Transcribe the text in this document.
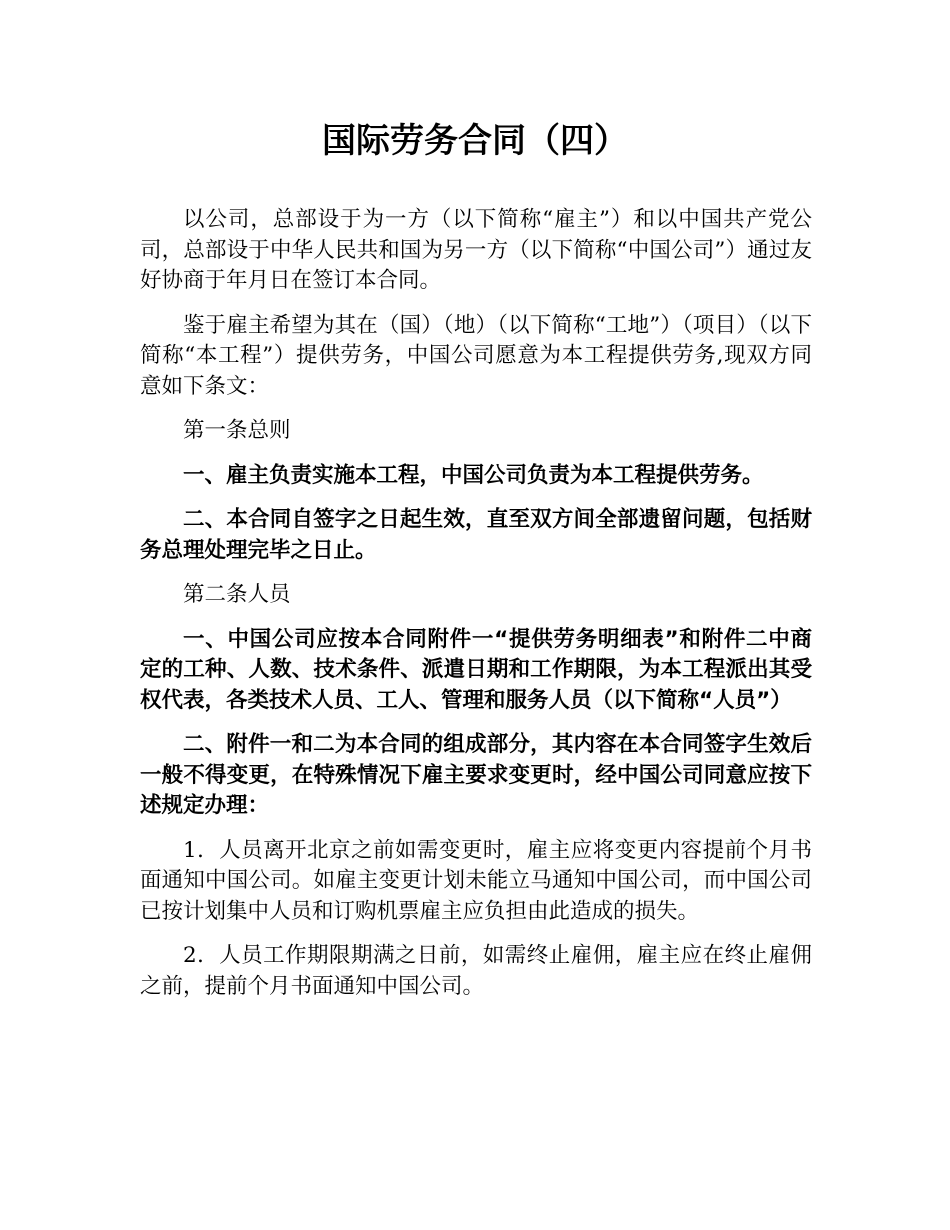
国际劳务合同（四）

以公司，总部设于为一方（以下简称“雇主”）和以中国共产党公司，总部设于中华人民共和国为另一方（以下简称“中国公司”）通过友好协商于年月日在签订本合同。

鉴于雇主希望为其在（国）（地）（以下简称“工地”）（项目）（以下简称“本工程”）提供劳务，中国公司愿意为本工程提供劳务,现双方同意如下条文：

第一条总则

一、雇主负责实施本工程，中国公司负责为本工程提供劳务。

二、本合同自签字之日起生效，直至双方间全部遗留问题，包括财务总理处理完毕之日止。

第二条人员

一、中国公司应按本合同附件一“提供劳务明细表”和附件二中商定的工种、人数、技术条件、派遣日期和工作期限，为本工程派出其受权代表，各类技术人员、工人、管理和服务人员（以下简称“人员”）

二、附件一和二为本合同的组成部分，其内容在本合同签字生效后一般不得变更，在特殊情况下雇主要求变更时，经中国公司同意应按下述规定办理：

1．人员离开北京之前如需变更时，雇主应将变更内容提前个月书面通知中国公司。如雇主变更计划未能立马通知中国公司，而中国公司已按计划集中人员和订购机票雇主应负担由此造成的损失。

2．人员工作期限期满之日前，如需终止雇佣，雇主应在终止雇佣之前，提前个月书面通知中国公司。
